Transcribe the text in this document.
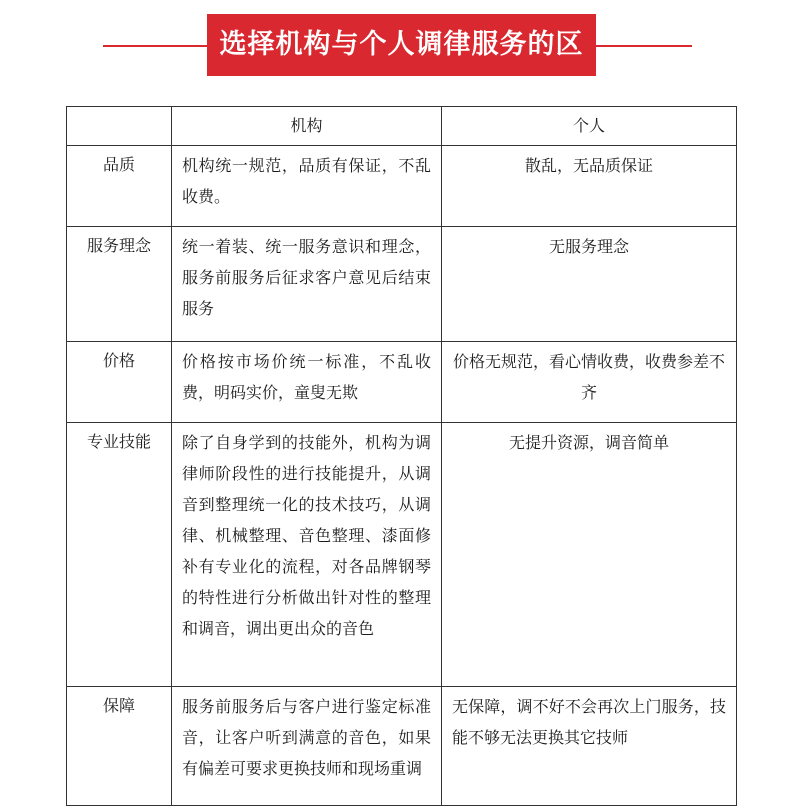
选择机构与个人调律服务的区别
	机构	个人
品质	机构统一规范，品质有保证，不乱收费。	散乱，无品质保证
服务理念	统一着装、统一服务意识和理念，服务前服务后征求客户意见后结束服务	无服务理念
价格	价格按市场价统一标准，不乱收费，明码实价，童叟无欺	价格无规范，看心情收费，收费参差不齐
专业技能	除了自身学到的技能外，机构为调律师阶段性的进行技能提升，从调音到整理统一化的技术技巧，从调律、机械整理、音色整理、漆面修补有专业化的流程，对各品牌钢琴的特性进行分析做出针对性的整理和调音，调出更出众的音色	无提升资源，调音简单
保障	服务前服务后与客户进行鉴定标准音，让客户听到满意的音色，如果有偏差可要求更换技师和现场重调	无保障，调不好不会再次上门服务，技能不够无法更换其它技师
